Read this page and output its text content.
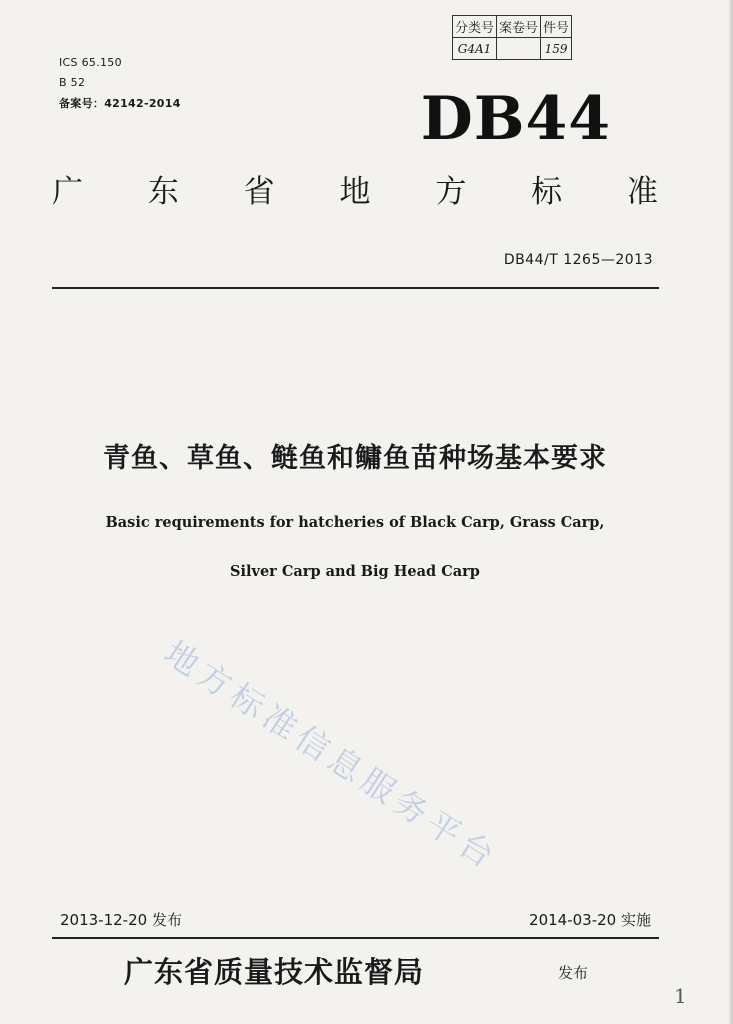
分类号	案卷号	件号
G4A1		159
ICS 65.150
B 52
备案号：42142-2014	DB44
广 东 省 地 方 标 准
DB44/T 1265—2013
青鱼、草鱼、鲢鱼和鳙鱼苗种场基本要求
Basic requirements for hatcheries of Black Carp, Grass Carp,
Silver Carp and Big Head Carp
地方标准信息服务平台
2013-12-20 发布	2014-03-20 实施
广东省质量技术监督局	发布
1
